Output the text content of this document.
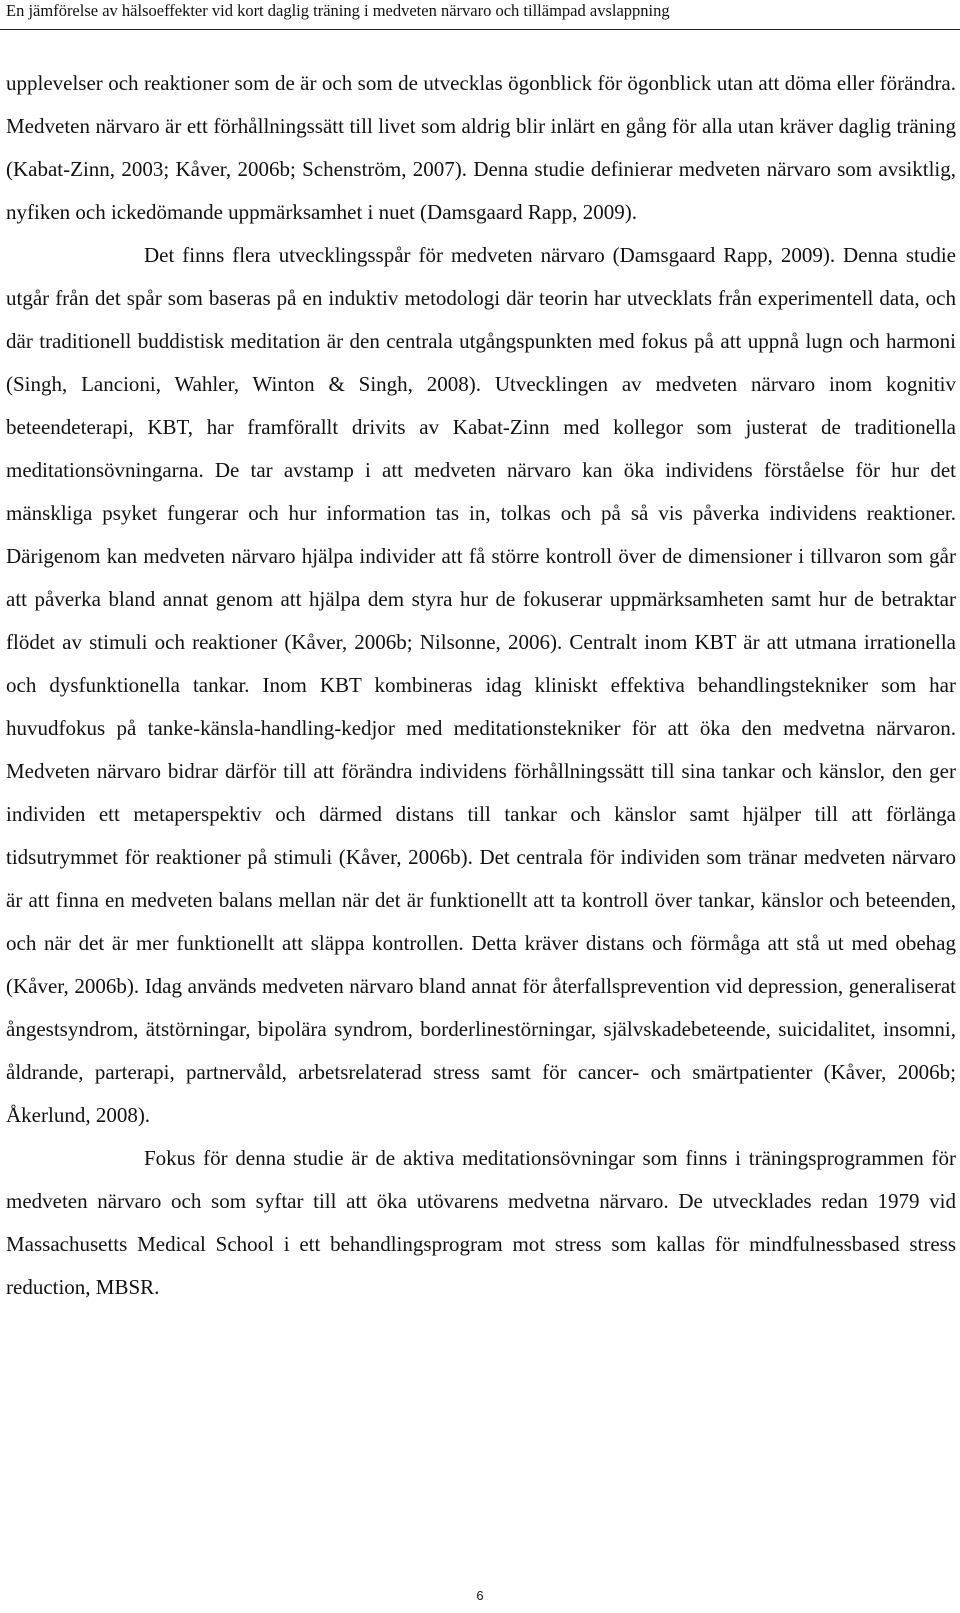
En jämförelse av hälsoeffekter vid kort daglig träning i medveten närvaro och tillämpad avslappning

upplevelser och reaktioner som de är och som de utvecklas ögonblick för ögonblick utan att döma eller förändra. Medveten närvaro är ett förhållningssätt till livet som aldrig blir inlärt en gång för alla utan kräver daglig träning (Kabat-Zinn, 2003; Kåver, 2006b; Schenström, 2007). Denna studie definierar medveten närvaro som avsiktlig, nyfiken och ickedömande uppmärksamhet i nuet (Damsgaard Rapp, 2009).

Det finns flera utvecklingsspår för medveten närvaro (Damsgaard Rapp, 2009). Denna studie utgår från det spår som baseras på en induktiv metodologi där teorin har utvecklats från experimentell data, och där traditionell buddistisk meditation är den centrala utgångspunkten med fokus på att uppnå lugn och harmoni (Singh, Lancioni, Wahler, Winton & Singh, 2008). Utvecklingen av medveten närvaro inom kognitiv beteendeterapi, KBT, har framförallt drivits av Kabat-Zinn med kollegor som justerat de traditionella meditationsövningarna. De tar avstamp i att medveten närvaro kan öka individens förståelse för hur det mänskliga psyket fungerar och hur information tas in, tolkas och på så vis påverka individens reaktioner. Därigenom kan medveten närvaro hjälpa individer att få större kontroll över de dimensioner i tillvaron som går att påverka bland annat genom att hjälpa dem styra hur de fokuserar uppmärksamheten samt hur de betraktar flödet av stimuli och reaktioner (Kåver, 2006b; Nilsonne, 2006). Centralt inom KBT är att utmana irrationella och dysfunktionella tankar. Inom KBT kombineras idag kliniskt effektiva behandlingstekniker som har huvudfokus på tanke-känsla-handling-kedjor med meditationstekniker för att öka den medvetna närvaron. Medveten närvaro bidrar därför till att förändra individens förhållningssätt till sina tankar och känslor, den ger individen ett metaperspektiv och därmed distans till tankar och känslor samt hjälper till att förlänga tidsutrymmet för reaktioner på stimuli (Kåver, 2006b). Det centrala för individen som tränar medveten närvaro är att finna en medveten balans mellan när det är funktionellt att ta kontroll över tankar, känslor och beteenden, och när det är mer funktionellt att släppa kontrollen. Detta kräver distans och förmåga att stå ut med obehag (Kåver, 2006b). Idag används medveten närvaro bland annat för återfallsprevention vid depression, generaliserat ångestsyndrom, ätstörningar, bipolära syndrom, borderlinestörningar, självskadebeteende, suicidalitet, insomni, åldrande, parterapi, partnervåld, arbetsrelaterad stress samt för cancer- och smärtpatienter (Kåver, 2006b; Åkerlund, 2008).

Fokus för denna studie är de aktiva meditationsövningar som finns i träningsprogrammen för medveten närvaro och som syftar till att öka utövarens medvetna närvaro. De utvecklades redan 1979 vid Massachusetts Medical School i ett behandlingsprogram mot stress som kallas för mindfulnessbased stress reduction, MBSR.

6
